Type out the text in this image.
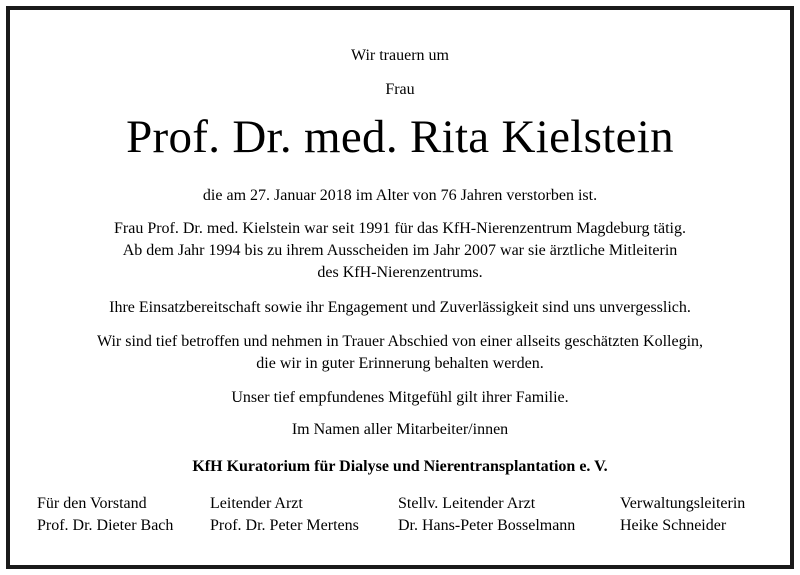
Wir trauern um
Frau
Prof. Dr. med. Rita Kielstein
die am 27. Januar 2018 im Alter von 76 Jahren verstorben ist.
Frau Prof. Dr. med. Kielstein war seit 1991 für das KfH-Nierenzentrum Magdeburg tätig.
Ab dem Jahr 1994 bis zu ihrem Ausscheiden im Jahr 2007 war sie ärztliche Mitleiterin
des KfH-Nierenzentrums.
Ihre Einsatzbereitschaft sowie ihr Engagement und Zuverlässigkeit sind uns unvergesslich.
Wir sind tief betroffen und nehmen in Trauer Abschied von einer allseits geschätzten Kollegin,
die wir in guter Erinnerung behalten werden.
Unser tief empfundenes Mitgefühl gilt ihrer Familie.
Im Namen aller Mitarbeiter/innen
KfH Kuratorium für Dialyse und Nierentransplantation e. V.
Für den Vorstand
Prof. Dr. Dieter Bach
Leitender Arzt
Prof. Dr. Peter Mertens
Stellv. Leitender Arzt
Dr. Hans-Peter Bosselmann
Verwaltungsleiterin
Heike Schneider
